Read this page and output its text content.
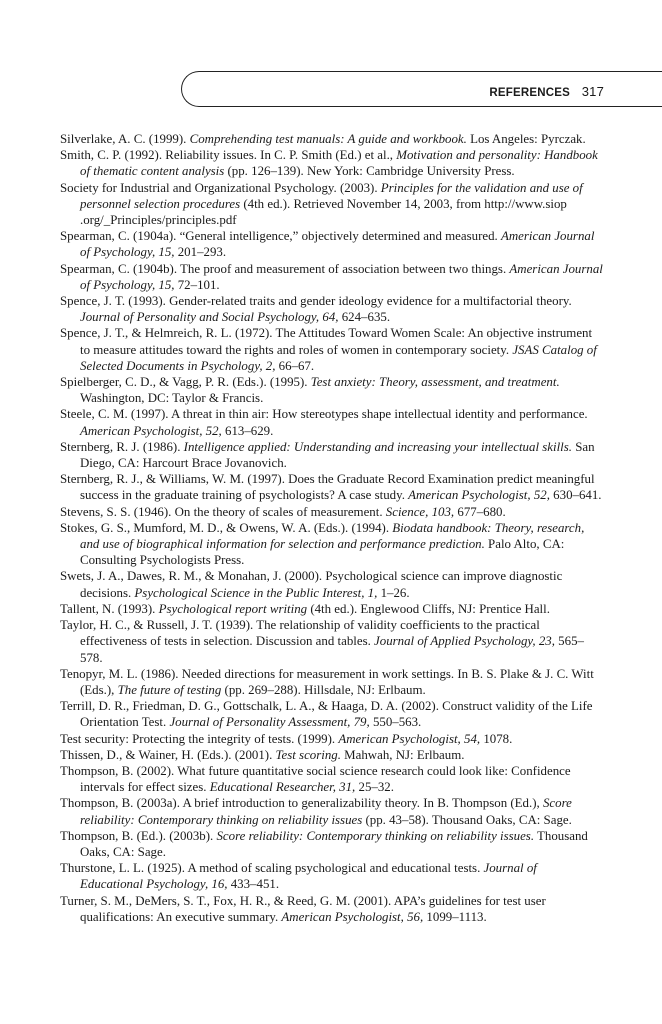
REFERENCES 317
Silverlake, A. C. (1999). Comprehending test manuals: A guide and workbook. Los Angeles: Pyrczak.
Smith, C. P. (1992). Reliability issues. In C. P. Smith (Ed.) et al., Motivation and personality: Handbook of thematic content analysis (pp. 126–139). New York: Cambridge University Press.
Society for Industrial and Organizational Psychology. (2003). Principles for the validation and use of personnel selection procedures (4th ed.). Retrieved November 14, 2003, from http://www.siop .org/_Principles/principles.pdf
Spearman, C. (1904a). “General intelligence,” objectively determined and measured. American Journal of Psychology, 15, 201–293.
Spearman, C. (1904b). The proof and measurement of association between two things. American Journal of Psychology, 15, 72–101.
Spence, J. T. (1993). Gender-related traits and gender ideology evidence for a multifactorial theory. Journal of Personality and Social Psychology, 64, 624–635.
Spence, J. T., & Helmreich, R. L. (1972). The Attitudes Toward Women Scale: An objective instrument to measure attitudes toward the rights and roles of women in contemporary society. JSAS Catalog of Selected Documents in Psychology, 2, 66–67.
Spielberger, C. D., & Vagg, P. R. (Eds.). (1995). Test anxiety: Theory, assessment, and treatment. Washington, DC: Taylor & Francis.
Steele, C. M. (1997). A threat in thin air: How stereotypes shape intellectual identity and performance. American Psychologist, 52, 613–629.
Sternberg, R. J. (1986). Intelligence applied: Understanding and increasing your intellectual skills. San Diego, CA: Harcourt Brace Jovanovich.
Sternberg, R. J., & Williams, W. M. (1997). Does the Graduate Record Examination predict meaningful success in the graduate training of psychologists? A case study. American Psychologist, 52, 630–641.
Stevens, S. S. (1946). On the theory of scales of measurement. Science, 103, 677–680.
Stokes, G. S., Mumford, M. D., & Owens, W. A. (Eds.). (1994). Biodata handbook: Theory, research, and use of biographical information for selection and performance prediction. Palo Alto, CA: Consulting Psychologists Press.
Swets, J. A., Dawes, R. M., & Monahan, J. (2000). Psychological science can improve diagnostic decisions. Psychological Science in the Public Interest, 1, 1–26.
Tallent, N. (1993). Psychological report writing (4th ed.). Englewood Cliffs, NJ: Prentice Hall.
Taylor, H. C., & Russell, J. T. (1939). The relationship of validity coefficients to the practical effectiveness of tests in selection. Discussion and tables. Journal of Applied Psychology, 23, 565–578.
Tenopyr, M. L. (1986). Needed directions for measurement in work settings. In B. S. Plake & J. C. Witt (Eds.), The future of testing (pp. 269–288). Hillsdale, NJ: Erlbaum.
Terrill, D. R., Friedman, D. G., Gottschalk, L. A., & Haaga, D. A. (2002). Construct validity of the Life Orientation Test. Journal of Personality Assessment, 79, 550–563.
Test security: Protecting the integrity of tests. (1999). American Psychologist, 54, 1078.
Thissen, D., & Wainer, H. (Eds.). (2001). Test scoring. Mahwah, NJ: Erlbaum.
Thompson, B. (2002). What future quantitative social science research could look like: Confidence intervals for effect sizes. Educational Researcher, 31, 25–32.
Thompson, B. (2003a). A brief introduction to generalizability theory. In B. Thompson (Ed.), Score reliability: Contemporary thinking on reliability issues (pp. 43–58). Thousand Oaks, CA: Sage.
Thompson, B. (Ed.). (2003b). Score reliability: Contemporary thinking on reliability issues. Thousand Oaks, CA: Sage.
Thurstone, L. L. (1925). A method of scaling psychological and educational tests. Journal of Educational Psychology, 16, 433–451.
Turner, S. M., DeMers, S. T., Fox, H. R., & Reed, G. M. (2001). APA’s guidelines for test user qualifications: An executive summary. American Psychologist, 56, 1099–1113.
